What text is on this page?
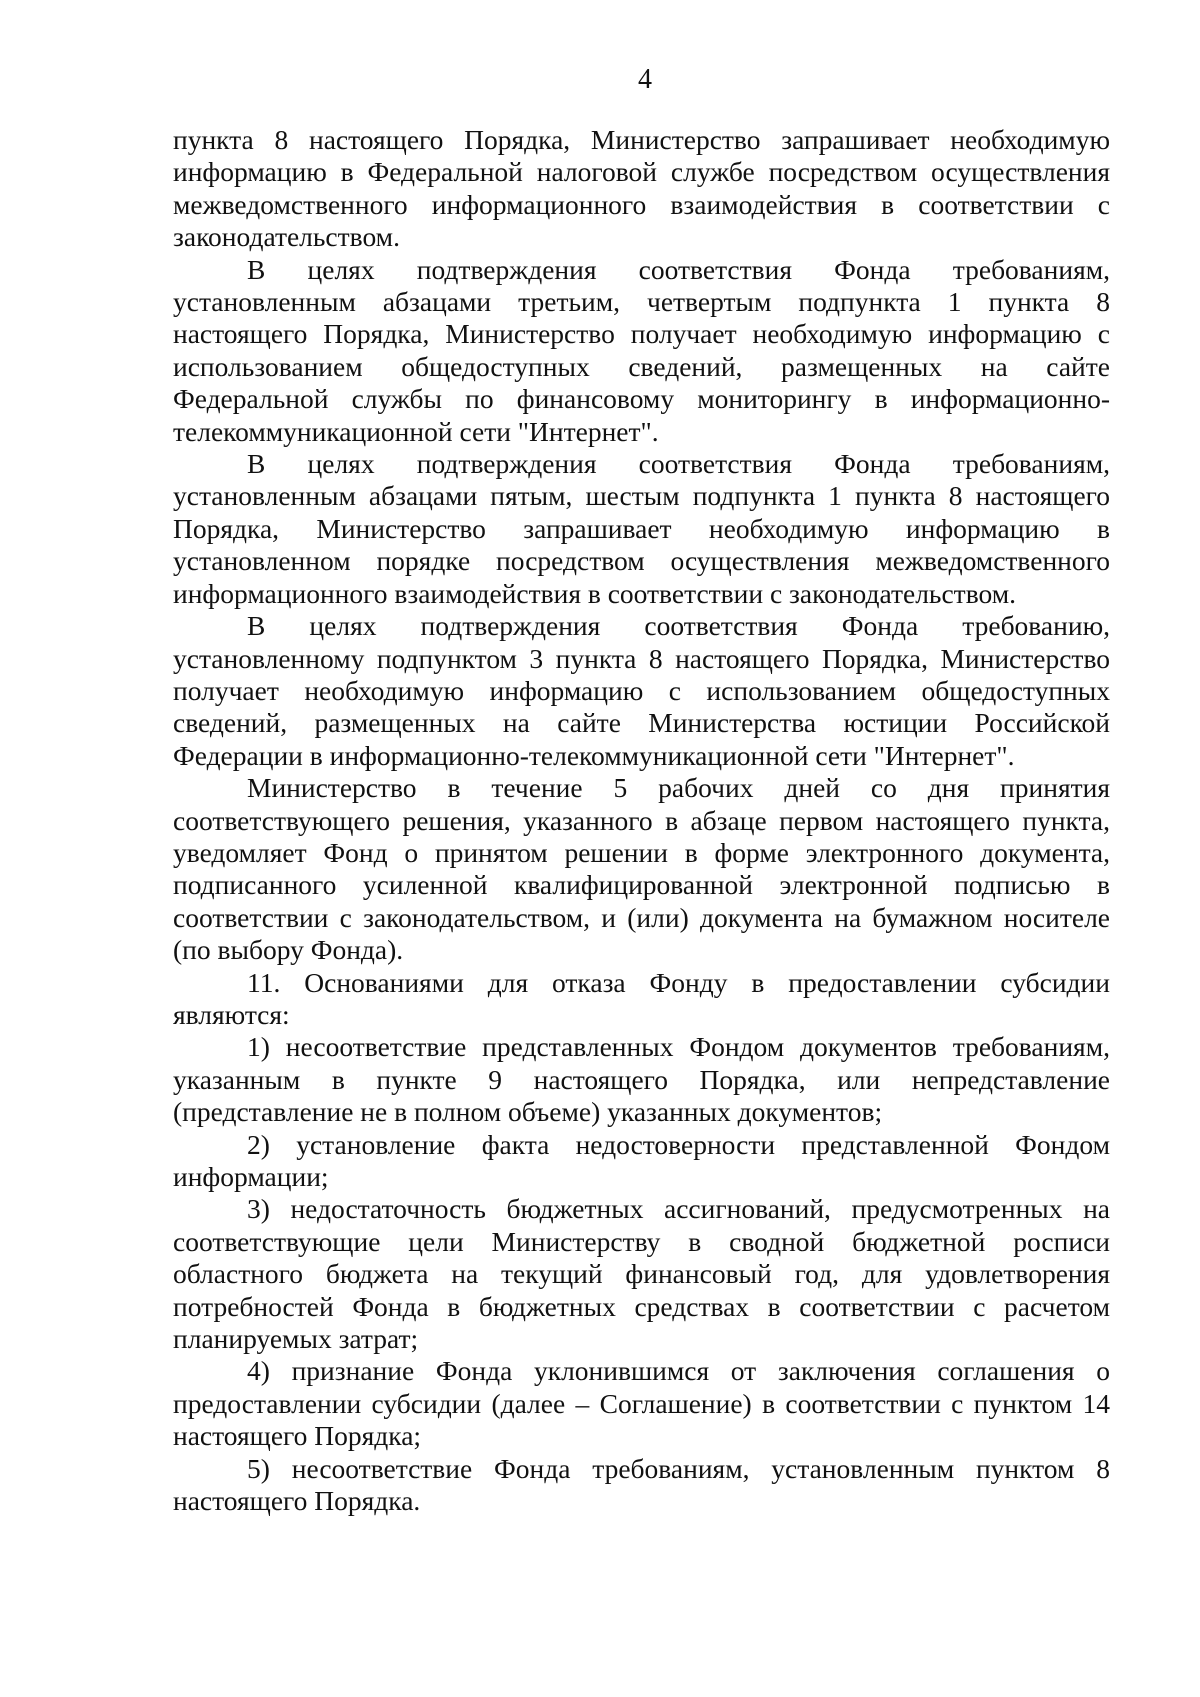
4

пункта 8 настоящего Порядка, Министерство запрашивает необходимую информацию в Федеральной налоговой службе посредством осуществления межведомственного информационного взаимодействия в соответствии с законодательством.

В целях подтверждения соответствия Фонда требованиям, установленным абзацами третьим, четвертым подпункта 1 пункта 8 настоящего Порядка, Министерство получает необходимую информацию с использованием общедоступных сведений, размещенных на сайте Федеральной службы по финансовому мониторингу в информационно-телекоммуникационной сети "Интернет".

В целях подтверждения соответствия Фонда требованиям, установленным абзацами пятым, шестым подпункта 1 пункта 8 настоящего Порядка, Министерство запрашивает необходимую информацию в установленном порядке посредством осуществления межведомственного информационного взаимодействия в соответствии с законодательством.

В целях подтверждения соответствия Фонда требованию, установленному подпунктом 3 пункта 8 настоящего Порядка, Министерство получает необходимую информацию с использованием общедоступных сведений, размещенных на сайте Министерства юстиции Российской Федерации в информационно-телекоммуникационной сети "Интернет".

Министерство в течение 5 рабочих дней со дня принятия соответствующего решения, указанного в абзаце первом настоящего пункта, уведомляет Фонд о принятом решении в форме электронного документа, подписанного усиленной квалифицированной электронной подписью в соответствии с законодательством, и (или) документа на бумажном носителе (по выбору Фонда).

11. Основаниями для отказа Фонду в предоставлении субсидии являются:

1) несоответствие представленных Фондом документов требованиям, указанным в пункте 9 настоящего Порядка, или непредставление (представление не в полном объеме) указанных документов;

2) установление факта недостоверности представленной Фондом информации;

3) недостаточность бюджетных ассигнований, предусмотренных на соответствующие цели Министерству в сводной бюджетной росписи областного бюджета на текущий финансовый год, для удовлетворения потребностей Фонда в бюджетных средствах в соответствии с расчетом планируемых затрат;

4) признание Фонда уклонившимся от заключения соглашения о предоставлении субсидии (далее – Соглашение) в соответствии с пунктом 14 настоящего Порядка;

5) несоответствие Фонда требованиям, установленным пунктом 8 настоящего Порядка.
